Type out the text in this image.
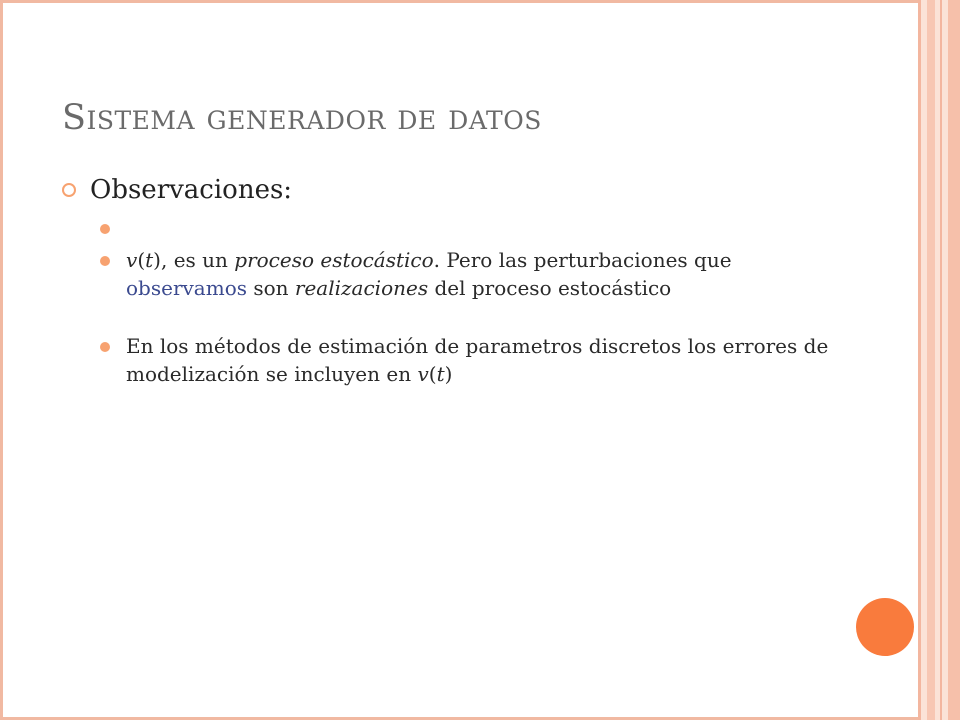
Sistema generador de datos
Observaciones:
v(t), es un proceso estocástico. Pero las perturbaciones que observamos son realizaciones del proceso estocástico
En los métodos de estimación de parametros discretos los errores de modelización se incluyen en v(t)
